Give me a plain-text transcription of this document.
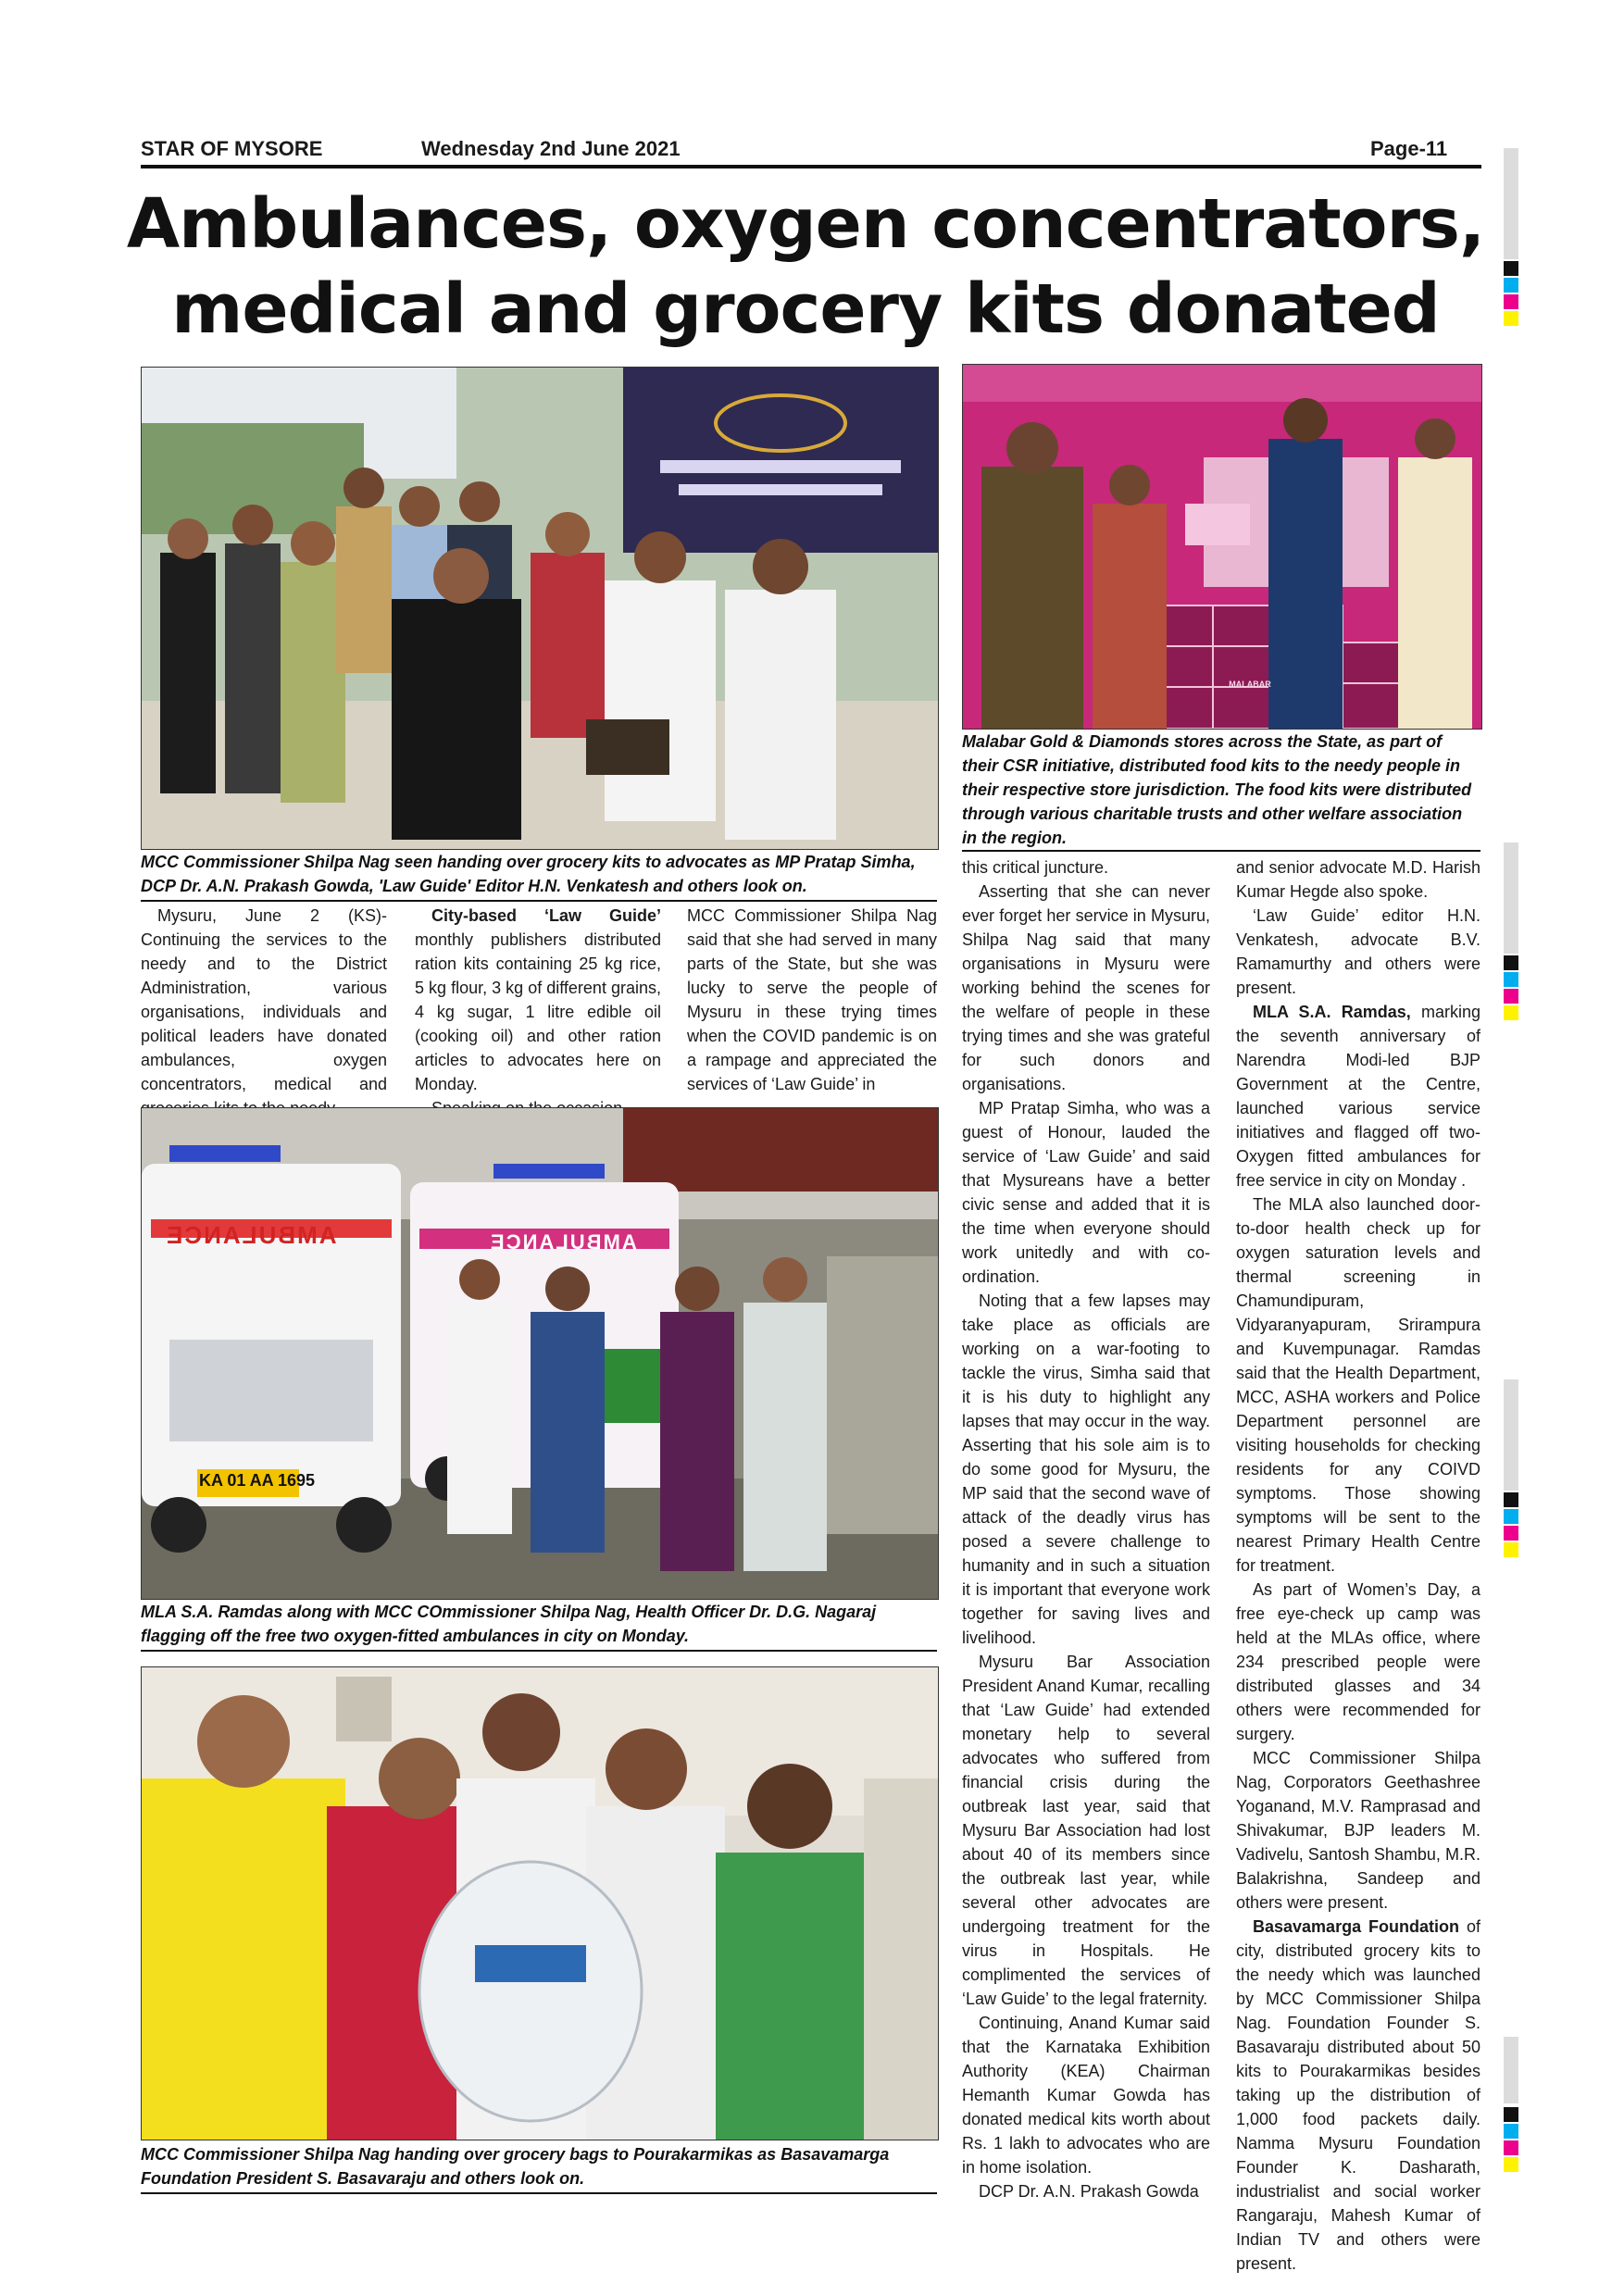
STAR OF MYSORE	Wednesday 2nd June 2021	Page-11
Ambulances, oxygen concentrators,
medical and grocery kits donated
MCC Commissioner Shilpa Nag seen handing over grocery kits to advocates as MP Pratap Simha, DCP Dr. A.N. Prakash Gowda, 'Law Guide' Editor H.N. Venkatesh and others look on.
MALABAR
Malabar Gold & Diamonds stores across the State, as part of their CSR initiative, distributed food kits to the needy people in their respective store jurisdiction. The food kits were distributed through various charitable trusts and other welfare association in the region.

Mysuru, June 2 (KS)- Continuing the services to the needy and to the District Administration, various organisations, individuals and political leaders have donated ambulances, oxygen concentrators, medical and

City-based ‘Law Guide’ monthly publishers distributed ration kits containing 25 kg rice, 5 kg flour, 3 kg of different grains, 4 kg sugar, 1 litre edible oil (cooking oil) and other ration articles to advocates here on Monday.

MCC Commissioner Shilpa Nag said that she had served in many parts of the State, but she was lucky to serve the people of Mysuru in these trying times when the COVID pandemic is on a rampage and appreciated the services of ‘Law Guide’ in

AMBULANCE	AMBULANCE
KA 01 AA 1695
MLA S.A. Ramdas along with MCC COmmissioner Shilpa Nag, Health Officer Dr. D.G. Nagaraj flagging off the free two oxygen-fitted ambulances in city on Monday.
MCC Commissioner Shilpa Nag handing over grocery bags to Pourakarmikas as Basavamarga Foundation President S. Basavaraju and others look on.

this critical juncture.

Asserting that she can never ever forget her service in Mysuru, Shilpa Nag said that many organisations in Mysuru were working behind the scenes for the welfare of people in these trying times and she was grateful for such donors and organisations.

MP Pratap Simha, who was a guest of Honour, lauded the service of ‘Law Guide’ and said that Mysureans have a better civic sense and added that it is the time when everyone should work unitedly and with co-ordination.

Noting that a few lapses may take place as officials are working on a war-footing to tackle the virus, Simha said that it is his duty to highlight any lapses that may occur in the way. Asserting that his sole aim is to do some good for Mysuru, the MP said that the second wave of attack of the deadly virus has posed a severe challenge to humanity and in such a situation it is important that everyone work together for saving lives and livelihood.

Mysuru Bar Association President Anand Kumar, recalling that ‘Law Guide’ had extended monetary help to several advocates who suffered from financial crisis during the outbreak last year, said that Mysuru Bar Association had lost about 40 of its members since the outbreak last year, while several other advocates are undergoing treatment for the virus in Hospitals. He complimented the services of ‘Law Guide’ to the legal fraternity.

Continuing, Anand Kumar said that the Karnataka Exhibition Authority (KEA) Chairman Hemanth Kumar Gowda has donated medical kits worth about Rs. 1 lakh to advocates who are in home isolation.

DCP Dr. A.N. Prakash Gowda

and senior advocate M.D. Harish Kumar Hegde also spoke.

‘Law Guide’ editor H.N. Venkatesh, advocate B.V. Ramamurthy and others were present.

MLA S.A. Ramdas, marking the seventh anniversary of Narendra Modi-led BJP Government at the Centre, launched various service initiatives and flagged off two-Oxygen fitted ambulances for free service in city on Monday .

The MLA also launched door-to-door health check up for oxygen saturation levels and thermal screening in Chamundipuram, Vidyaranyapuram, Srirampura and Kuvempunagar. Ramdas said that the Health Department, MCC, ASHA workers and Police Department personnel are visiting households for checking residents for any COIVD symptoms. Those showing symptoms will be sent to the nearest Primary Health Centre for treatment.

As part of Women’s Day, a free eye-check up camp was held at the MLAs office, where 234 prescribed people were distributed glasses and 34 others were recommended for surgery.

MCC Commissioner Shilpa Nag, Corporators Geethashree Yoganand, M.V. Ramprasad and Shivakumar, BJP leaders M. Vadivelu, Santosh Shambu, M.R. Balakrishna, Sandeep and others were present.

Basavamarga Foundation of city, distributed grocery kits to the needy which was launched by MCC Commissioner Shilpa Nag. Foundation Founder S. Basavaraju distributed about 50 kits to Pourakarmikas besides taking up the distribution of 1,000 food packets daily. Namma Mysuru Foundation Founder K. Dasharath, industrialist and social worker Rangaraju, Mahesh Kumar of Indian TV and others were present.
